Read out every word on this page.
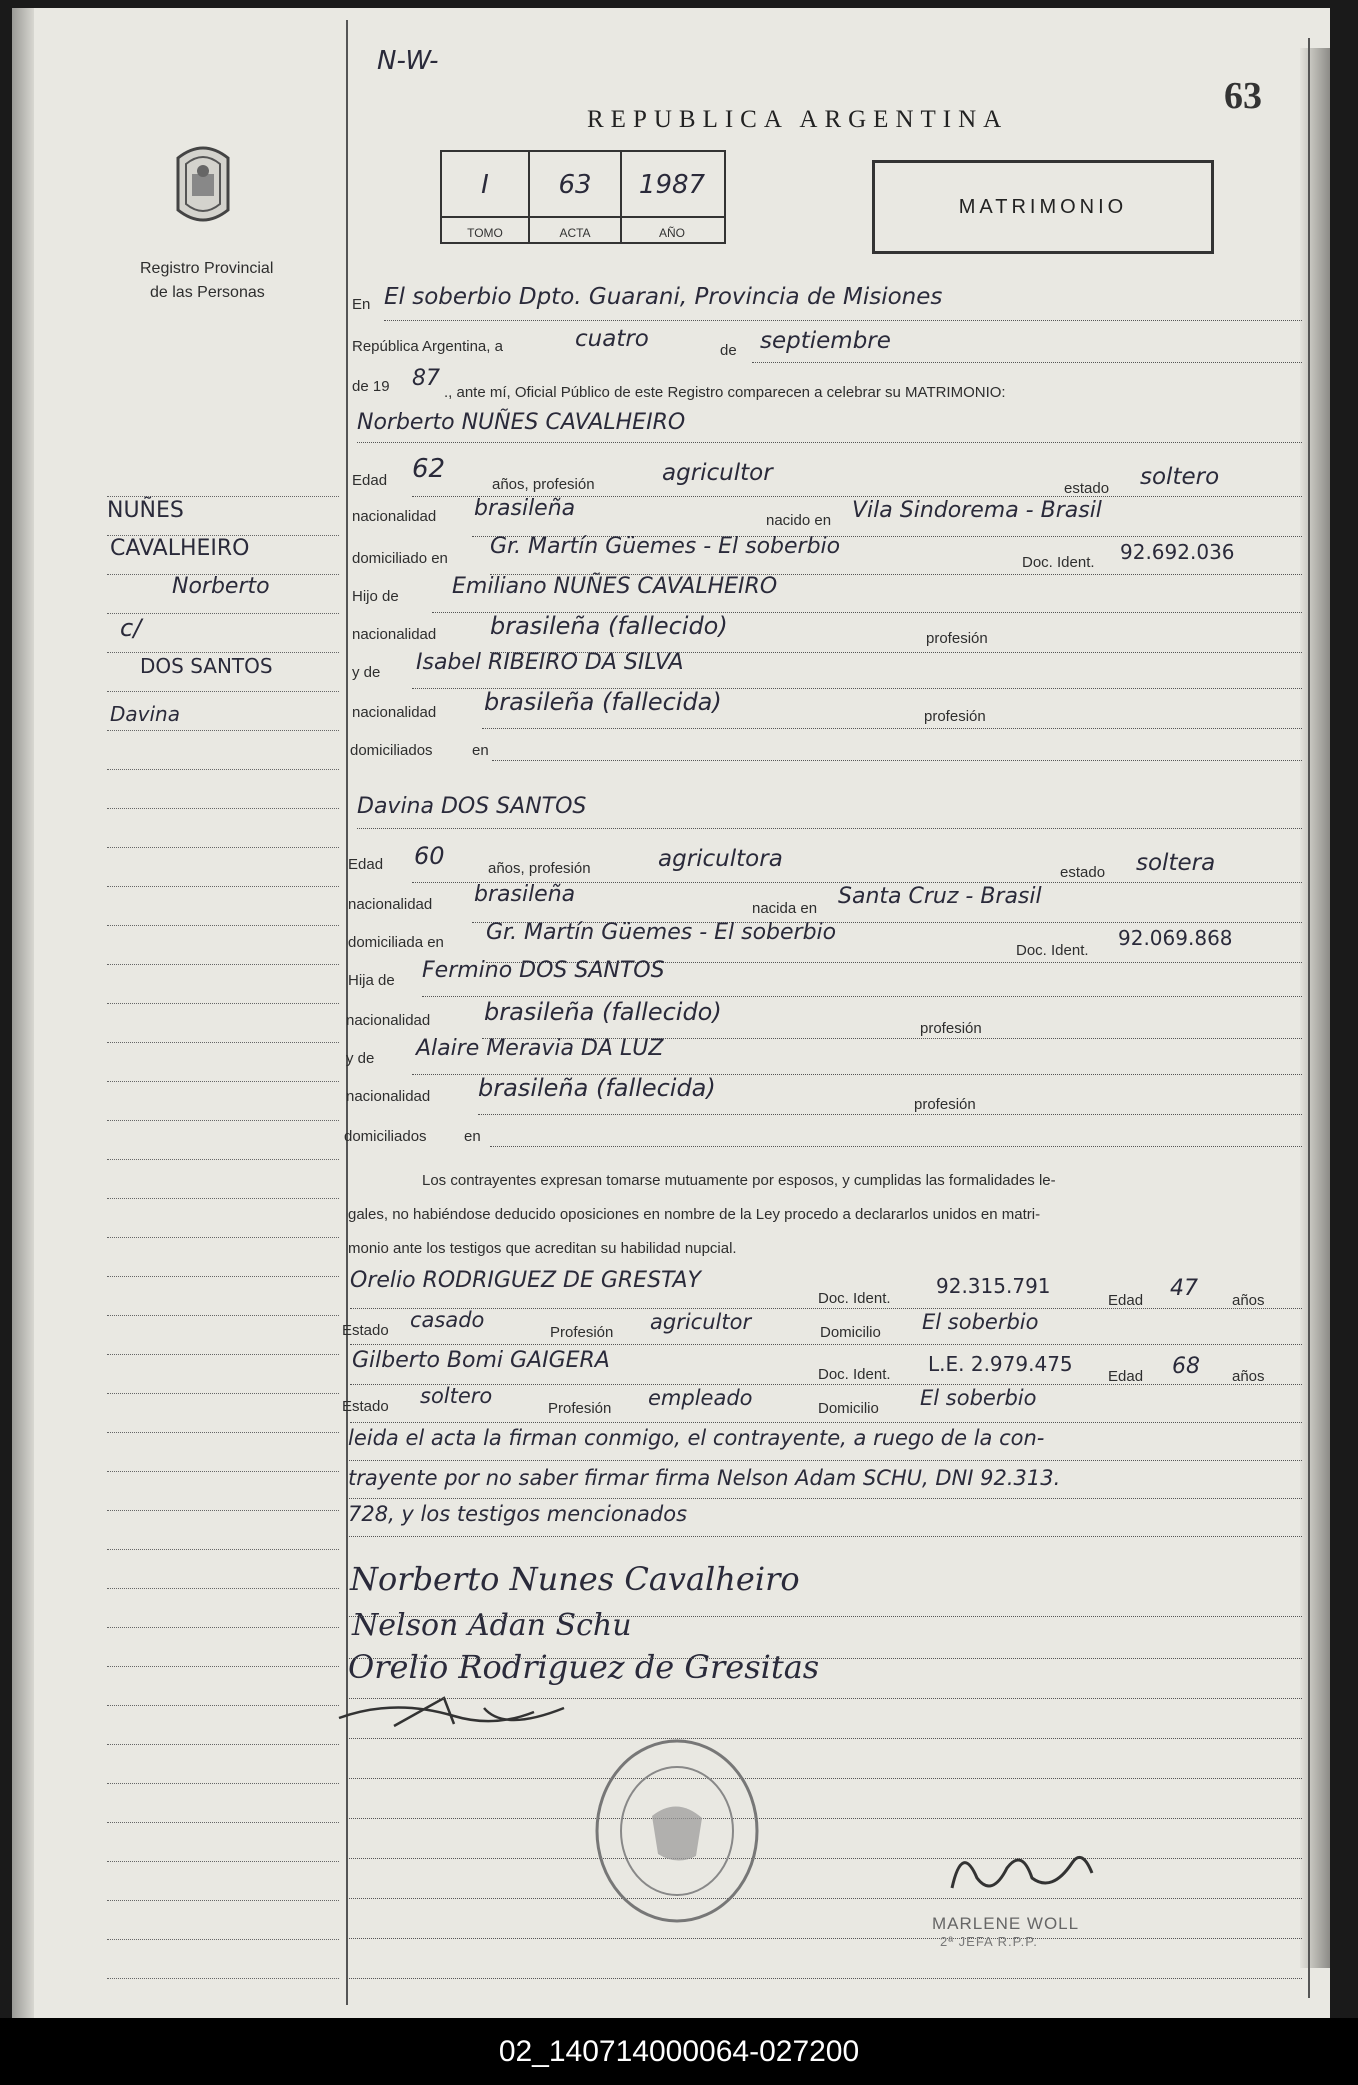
N-W-
REPUBLICA ARGENTINA
63
Registro Provincial
de las Personas
I
TOMO
63
ACTA
1987
AÑO
MATRIMONIO
NUÑES
CAVALHEIRO
Norberto
c/
DOS SANTOS
Davina
En El soberbio Dpto. Guarani, Provincia de Misiones
República Argentina, a	cuatro	de septiembre
de 19 87
., ante mí, Oficial Público de este Registro comparecen a celebrar su MATRIMONIO:
Norberto NUÑES CAVALHEIRO
Edad 62
años, profesión	agricultor
estado soltero
nacionalidad brasileña	nacido en Vila Sindorema - Brasil
domiciliado en Gr. Martín Güemes - El soberbio
Doc. Ident. 92.692.036
Hijo de Emiliano NUÑES CAVALHEIRO
nacionalidad brasileña (fallecido)	profesión
y de Isabel RIBEIRO DA SILVA
nacionalidad brasileña (fallecida)
profesión
domiciliados	en
Davina DOS SANTOS
Edad 60	años, profesión	agricultora
estado soltera
nacionalidad brasileña
nacida en Santa Cruz - Brasil
domiciliada en Gr. Martín Güemes - El soberbio
Doc. Ident.
92.069.868
Hija de Fermino DOS SANTOS
nacionalidad brasileña (fallecido)
profesión
y de Alaire Meravia DA LUZ
nacionalidad brasileña (fallecida)
profesión
domiciliados en
Los contrayentes expresan tomarse mutuamente por esposos, y cumplidas las formalidades le-
gales, no habiéndose deducido oposiciones en nombre de la Ley procedo a declararlos unidos en matri-
monio ante los testigos que acreditan su habilidad nupcial.
Orelio RODRIGUEZ DE GRESTAY
Doc. Ident.
92.315.791
Edad 47 años
Estado casado
Profesión agricultor	Domicilio El soberbio
Gilberto Bomi GAIGERA
Doc. Ident. L.E. 2.979.475
Edad 68 años
Estado soltero
Profesión empleado	Domicilio El soberbio
leida el acta la firman conmigo, el contrayente, a ruego de la con-
trayente por no saber firmar firma Nelson Adam SCHU, DNI 92.313.
728, y los testigos mencionados
Norberto Nunes Cavalheiro
Nelson Adan Schu
Orelio Rodriguez de Gresitas
MARLENE WOLL
2ª JEFA R.P.P.
02_140714000064-027200
